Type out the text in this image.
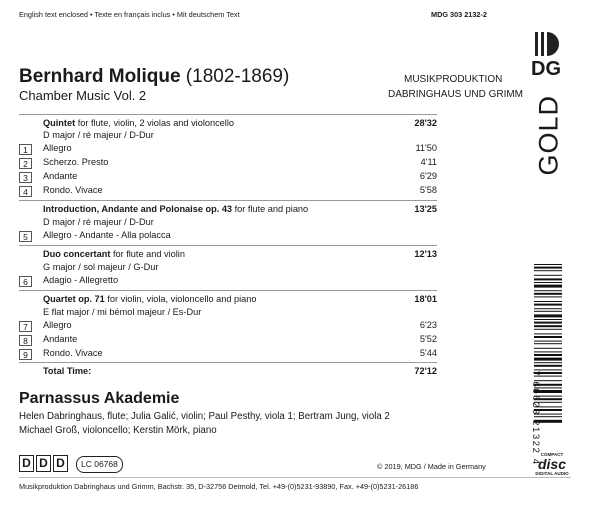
English text enclosed • Texte en français inclus • Mit deutschem Text	MDG 303 2132-2
DG
GOLD
Bernhard Molique (1802-1869)
Chamber Music Vol. 2
MUSIKPRODUKTION
DABRINGHAUS UND GRIMM
Quintet for flute, violin, 2 violas and violoncello	28'32
D major / ré majeur / D-Dur
1	Allegro	11'50
2	Scherzo. Presto	4'11
3	Andante	6'29
4	Rondo. Vivace	5'58
Introduction, Andante and Polonaise op. 43 for flute and piano	13'25
D major / ré majeur / D-Dur
5	Allegro - Andante - Alla polacca
Duo concertant for flute and violin	12'13
G major / sol majeur / G-Dur
6	Adagio - Allegretto
Quartet op. 71 for violin, viola, violoncello and piano	18'01
E flat major / mi bémol majeur / Es-Dur
7	Allegro	6'23
8	Andante	5'52
9	Rondo. Vivace	5'44
Total Time:	72'12
Parnassus Akademie
Helen Dabringhaus, flute; Julia Galić, violin; Paul Pesthy, viola 1; Bertram Jung, viola 2
Michael Groß, violoncello; Kerstin Mörk, piano	7 60623 21322 4
D D D	LC 06768	© 2019, MDG / Made in Germany
COMPACT
disc
DIGITAL AUDIO
Musikproduktion Dabringhaus und Grimm, Bachstr. 35, D-32756 Detmold, Tel. +49-(0)5231-93890, Fax. +49-(0)5231-26186
